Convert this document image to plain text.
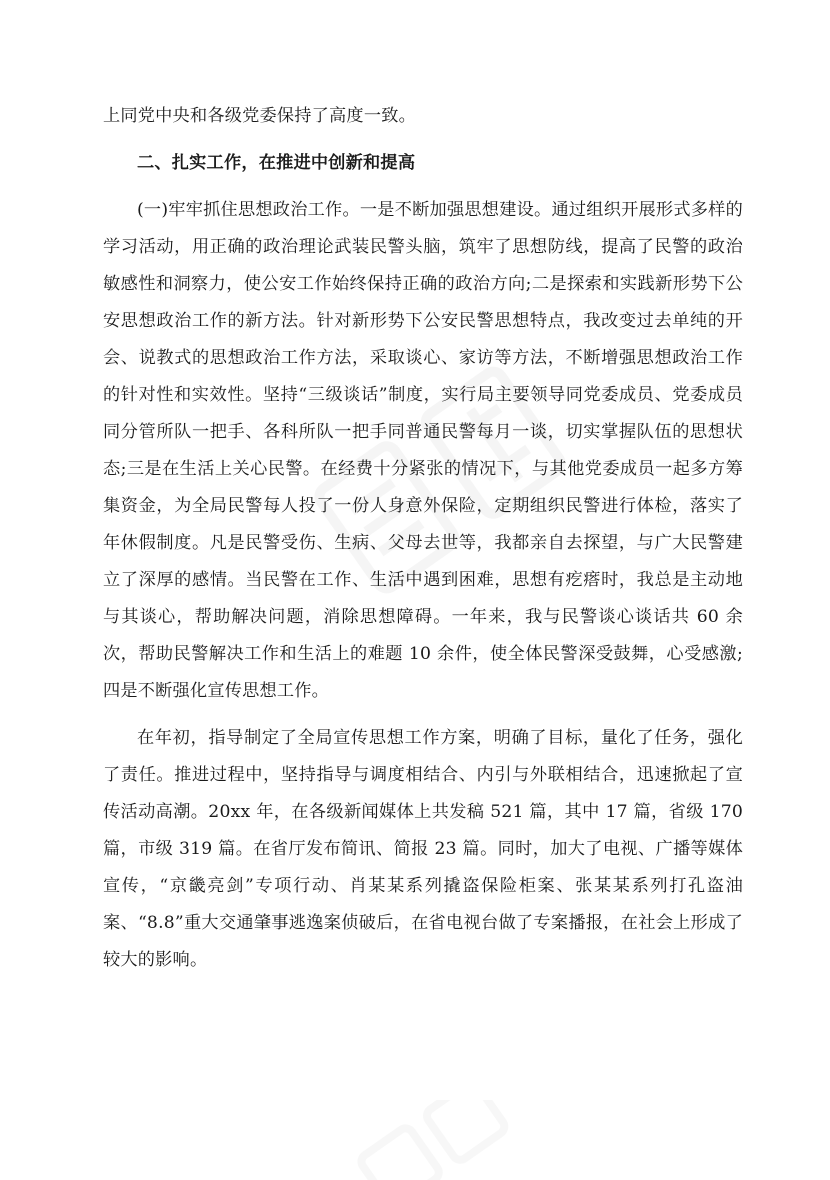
上同党中央和各级党委保持了高度一致。

二、扎实工作，在推进中创新和提高

(一)牢牢抓住思想政治工作。一是不断加强思想建设。通过组织开展形式多样的学习活动，用正确的政治理论武装民警头脑，筑牢了思想防线，提高了民警的政治敏感性和洞察力，使公安工作始终保持正确的政治方向;二是探索和实践新形势下公安思想政治工作的新方法。针对新形势下公安民警思想特点，我改变过去单纯的开会、说教式的思想政治工作方法，采取谈心、家访等方法，不断增强思想政治工作的针对性和实效性。坚持“三级谈话”制度，实行局主要领导同党委成员、党委成员同分管所队一把手、各科所队一把手同普通民警每月一谈，切实掌握队伍的思想状态;三是在生活上关心民警。在经费十分紧张的情况下，与其他党委成员一起多方筹集资金，为全局民警每人投了一份人身意外保险，定期组织民警进行体检，落实了年休假制度。凡是民警受伤、生病、父母去世等，我都亲自去探望，与广大民警建立了深厚的感情。当民警在工作、生活中遇到困难，思想有疙瘩时，我总是主动地与其谈心，帮助解决问题，消除思想障碍。一年来，我与民警谈心谈话共 60 余次，帮助民警解决工作和生活上的难题 10 余件，使全体民警深受鼓舞，心受感激;四是不断强化宣传思想工作。

在年初，指导制定了全局宣传思想工作方案，明确了目标，量化了任务，强化了责任。推进过程中，坚持指导与调度相结合、内引与外联相结合，迅速掀起了宣传活动高潮。20xx 年，在各级新闻媒体上共发稿 521 篇，其中 17 篇，省级 170 篇，市级 319 篇。在省厅发布简讯、简报 23 篇。同时，加大了电视、广播等媒体宣传，“京畿亮剑”专项行动、肖某某系列撬盗保险柜案、张某某系列打孔盗油案、“8.8”重大交通肇事逃逸案侦破后，在省电视台做了专案播报，在社会上形成了较大的影响。
